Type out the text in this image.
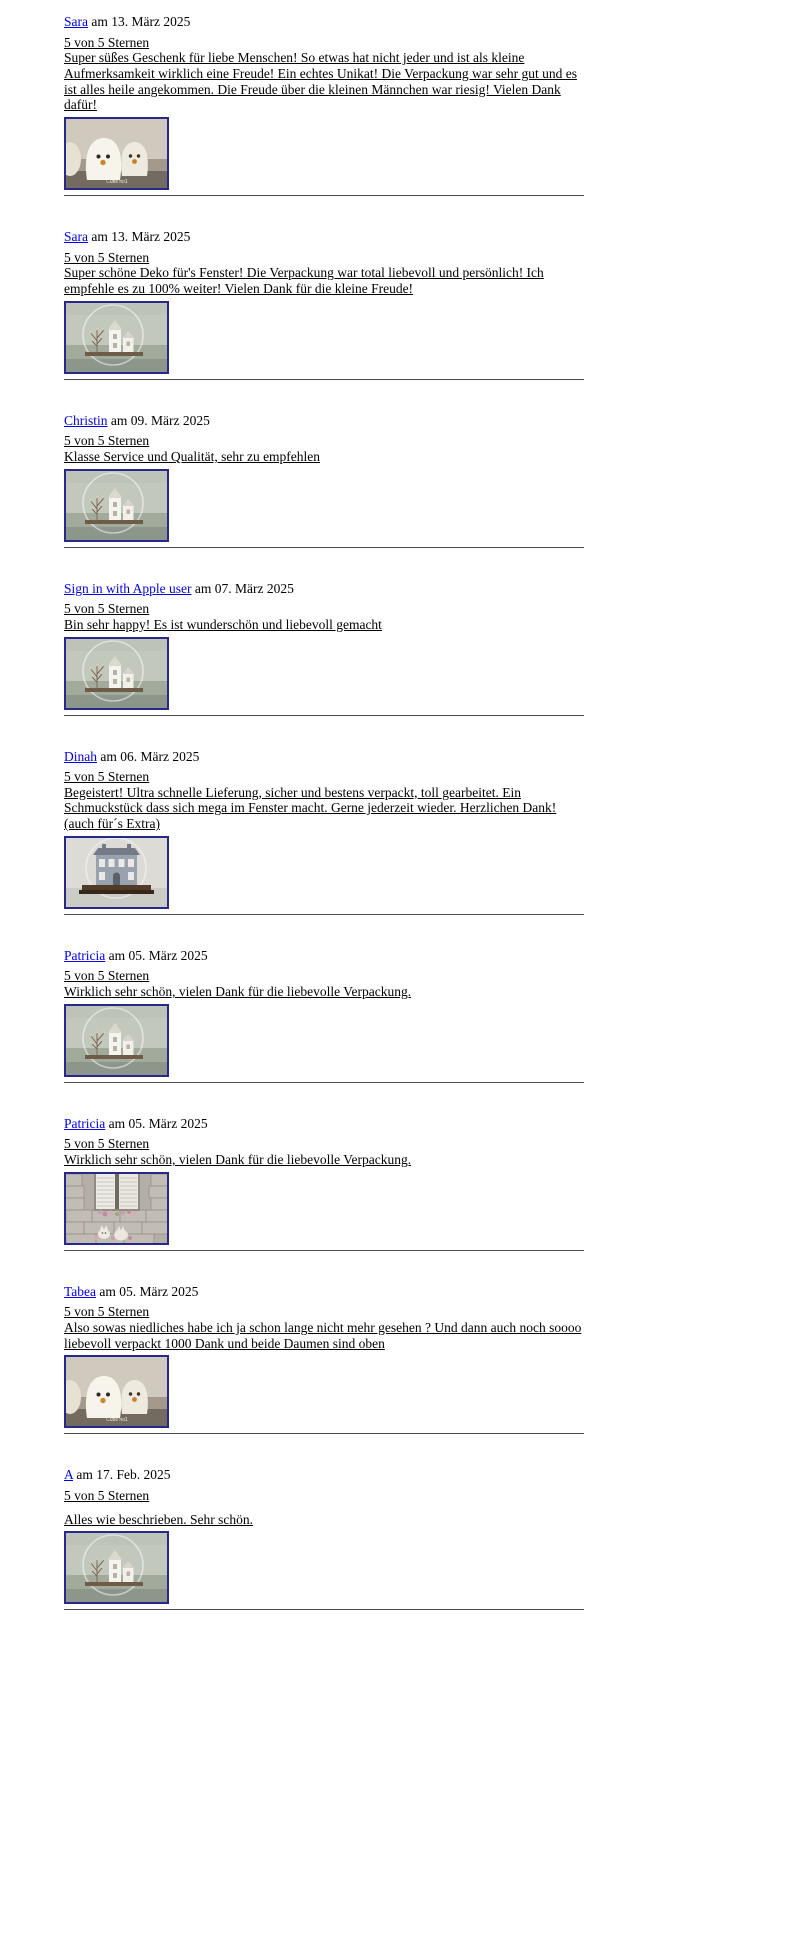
Sara am 13. März 2025

5 von 5 Sternen

Super süßes Geschenk für liebe Menschen! So etwas hat nicht jeder und ist als kleine Aufmerksamkeit wirklich eine Freude! Ein echtes Unikat! Die Verpackung war sehr gut und es ist alles heile angekommen. Die Freude über die kleinen Männchen war riesig! Vielen Dank dafür!

Cutie no1

Sara am 13. März 2025

5 von 5 Sternen

Super schöne Deko für's Fenster! Die Verpackung war total liebevoll und persönlich! Ich empfehle es zu 100% weiter! Vielen Dank für die kleine Freude!

Christin am 09. März 2025

5 von 5 Sternen

Klasse Service und Qualität, sehr zu empfehlen

Sign in with Apple user am 07. März 2025

5 von 5 Sternen

Bin sehr happy! Es ist wunderschön und liebevoll gemacht

Dinah am 06. März 2025

5 von 5 Sternen

Begeistert! Ultra schnelle Lieferung, sicher und bestens verpackt, toll gearbeitet. Ein Schmuckstück dass sich mega im Fenster macht. Gerne jederzeit wieder. Herzlichen Dank! (auch für´s Extra)

Patricia am 05. März 2025

5 von 5 Sternen

Wirklich sehr schön, vielen Dank für die liebevolle Verpackung.

Patricia am 05. März 2025

5 von 5 Sternen

Wirklich sehr schön, vielen Dank für die liebevolle Verpackung.

Tabea am 05. März 2025

5 von 5 Sternen

Also sowas niedliches habe ich ja schon lange nicht mehr gesehen ? Und dann auch noch soooo liebevoll verpackt 1000 Dank und beide Daumen sind oben

Cutie no1

A am 17. Feb. 2025

5 von 5 Sternen

Alles wie beschrieben. Sehr schön.
